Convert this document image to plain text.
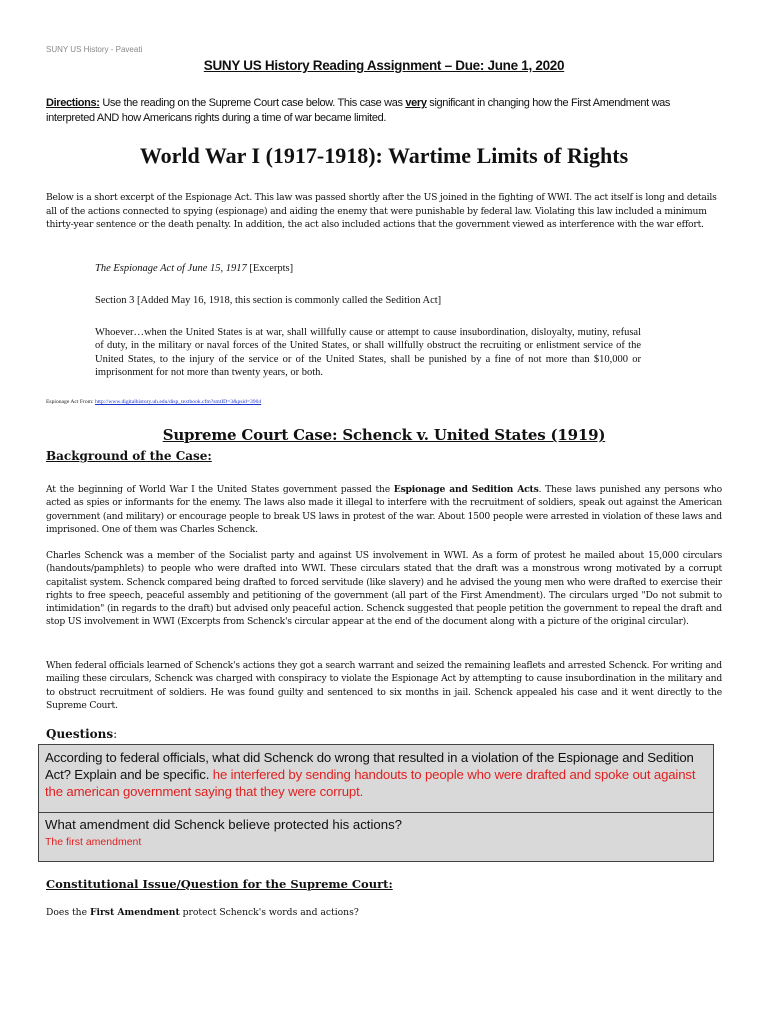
SUNY US History - Paveati
SUNY US History Reading Assignment – Due: June 1, 2020
Directions: Use the reading on the Supreme Court case below. This case was very significant in changing how the First Amendment was interpreted AND how Americans rights during a time of war became limited.
World War I (1917-1918): Wartime Limits of Rights
Below is a short excerpt of the Espionage Act. This law was passed shortly after the US joined in the fighting of WWI. The act itself is long and details all of the actions connected to spying (espionage) and aiding the enemy that were punishable by federal law. Violating this law included a minimum thirty-year sentence or the death penalty. In addition, the act also included actions that the government viewed as interference with the war effort.
The Espionage Act of June 15, 1917 [Excerpts]
Section 3 [Added May 16, 1918, this section is commonly called the Sedition Act]
Whoever…when the United States is at war, shall willfully cause or attempt to cause insubordination, disloyalty, mutiny, refusal of duty, in the military or naval forces of the United States, or shall willfully obstruct the recruiting or enlistment service of the United States, to the injury of the service or of the United States, shall be punished by a fine of not more than $10,000 or imprisonment for not more than twenty years, or both.
Espionage Act From: http://www.digitalhistory.uh.edu/disp_textbook.cfm?smtID=3&psid=3904
Supreme Court Case: Schenck v. United States (1919)
Background of the Case:
At the beginning of World War I the United States government passed the Espionage and Sedition Acts. These laws punished any persons who acted as spies or informants for the enemy. The laws also made it illegal to interfere with the recruitment of soldiers, speak out against the American government (and military) or encourage people to break US laws in protest of the war. About 1500 people were arrested in violation of these laws and imprisoned. One of them was Charles Schenck.
Charles Schenck was a member of the Socialist party and against US involvement in WWI. As a form of protest he mailed about 15,000 circulars (handouts/pamphlets) to people who were drafted into WWI. These circulars stated that the draft was a monstrous wrong motivated by a corrupt capitalist system. Schenck compared being drafted to forced servitude (like slavery) and he advised the young men who were drafted to exercise their rights to free speech, peaceful assembly and petitioning of the government (all part of the First Amendment). The circulars urged "Do not submit to intimidation" (in regards to the draft) but advised only peaceful action. Schenck suggested that people petition the government to repeal the draft and stop US involvement in WWI (Excerpts from Schenck's circular appear at the end of the document along with a picture of the original circular).
When federal officials learned of Schenck's actions they got a search warrant and seized the remaining leaflets and arrested Schenck. For writing and mailing these circulars, Schenck was charged with conspiracy to violate the Espionage Act by attempting to cause insubordination in the military and to obstruct recruitment of soldiers. He was found guilty and sentenced to six months in jail. Schenck appealed his case and it went directly to the Supreme Court.
Questions:
According to federal officials, what did Schenck do wrong that resulted in a violation of the Espionage and Sedition Act? Explain and be specific. he interfered by sending handouts to people who were drafted and spoke out against the american government saying that they were corrupt.
What amendment did Schenck believe protected his actions?
The first amendment
Constitutional Issue/Question for the Supreme Court:
Does the First Amendment protect Schenck's words and actions?
